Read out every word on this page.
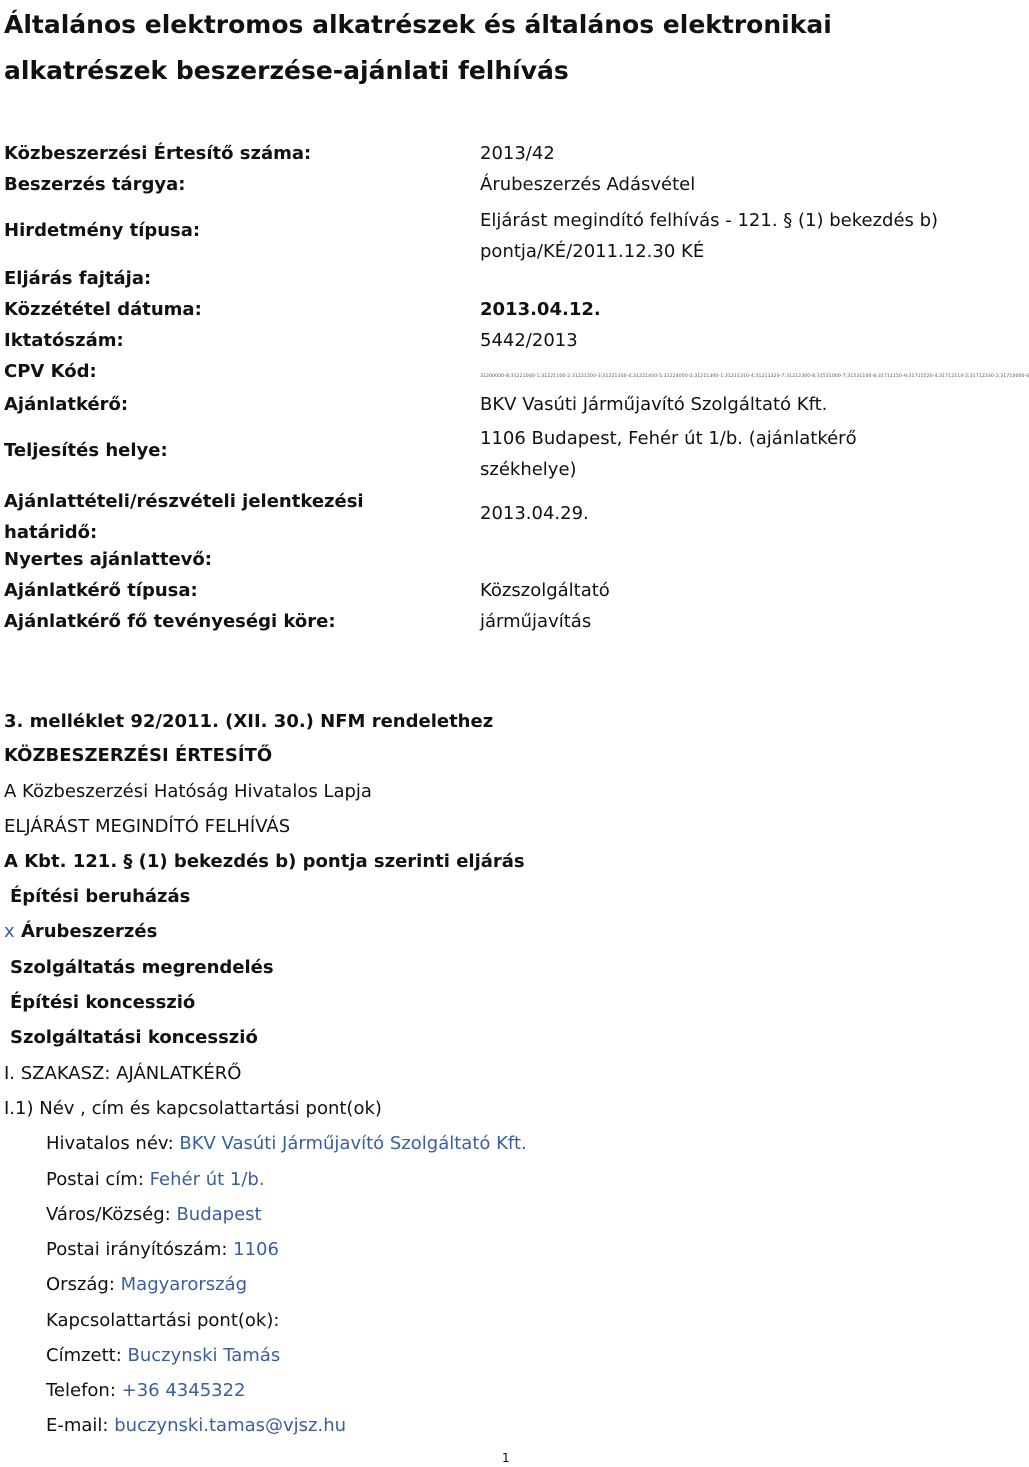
Általános elektromos alkatrészek és általános elektronikai alkatrészek beszerzése-ajánlati felhívás
Közbeszerzési Értesítő száma:	2013/42
Beszerzés tárgya:	Árubeszerzés Adásvétel
Hirdetmény típusa:	Eljárást megindító felhívás - 121. § (1) bekezdés b) pontja/KÉ/2011.12.30 KÉ
Eljárás fajtája:
Közzététel dátuma:	2013.04.12.
Iktatószám:	5442/2013
CPV Kód:	31200000-8;31221000-1;31221100-2;31221200-3;31221300-4;31221400-5;31224000-2;31211300-1;31211310-4;31211320-7;31212300-8;31531000-7;31531100-8;31711150-9;31711520-4;31712114-2;31712330-2;31710000-6
Ajánlatkérő:	BKV Vasúti Járműjavító Szolgáltató Kft.
Teljesítés helye:
1106 Budapest, Fehér út 1/b. (ajánlatkérő székhelye)
Ajánlattételi/részvételi jelentkezési határidő:
2013.04.29.
Nyertes ajánlattevő:
Ajánlatkérő típusa:	Közszolgáltató
Ajánlatkérő fő tevényeségi köre:	járműjavítás
3. melléklet 92/2011. (XII. 30.) NFM rendelethez
KÖZBESZERZÉSI ÉRTESÍTŐ
A Közbeszerzési Hatóság Hivatalos Lapja
ELJÁRÁST MEGINDÍTÓ FELHÍVÁS
A Kbt. 121. § (1) bekezdés b) pontja szerinti eljárás
Építési beruházás
x Árubeszerzés
Szolgáltatás megrendelés
Építési koncesszió
Szolgáltatási koncesszió
I. SZAKASZ: AJÁNLATKÉRŐ
I.1) Név , cím és kapcsolattartási pont(ok)
Hivatalos név: BKV Vasúti Járműjavító Szolgáltató Kft.
Postai cím: Fehér út 1/b.
Város/Község: Budapest
Postai irányítószám: 1106
Ország: Magyarország
Kapcsolattartási pont(ok):
Címzett: Buczynski Tamás
Telefon: +36 4345322
E-mail: buczynski.tamas@vjsz.hu
1
